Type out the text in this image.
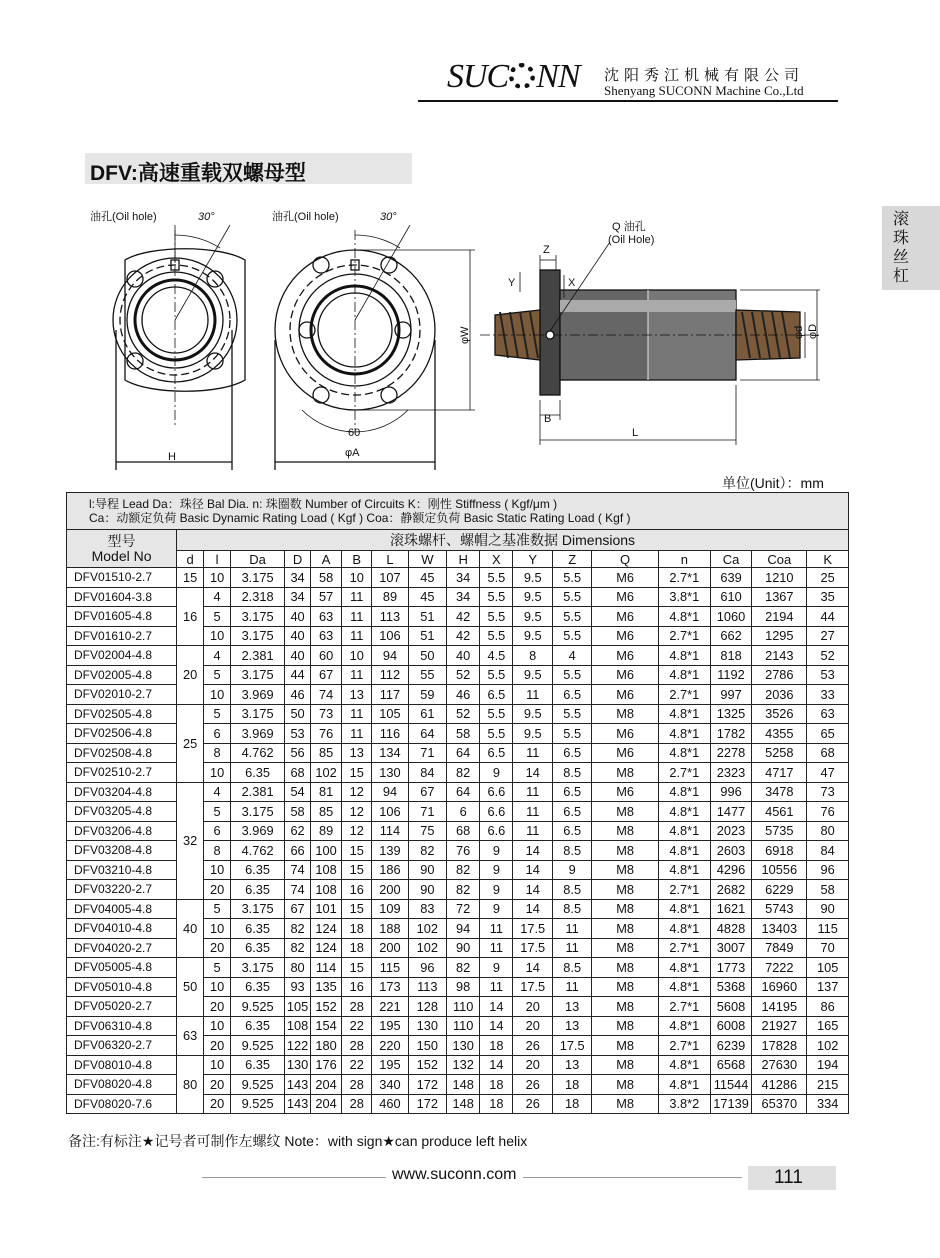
SUC NN 沈阳秀江机械有限公司
Shenyang SUCONN Machine Co.,Ltd
DFV:高速重载双螺母型
滚珠丝杠
油孔(Oil hole)	30°
H
油孔(Oil hole)	30°
60
φW
φA
Q 油孔
(Oil Hole)
Z
Y	X
B
L
φd φD
单位(Unit）：mm
l:导程 Lead Da：珠径 Bal Dia. n: 珠圈数 Number of Circuits K：刚性 Stiffness ( Kgf/μm )
Ca：动额定负荷 Basic Dynamic Rating Load ( Kgf ) Coa：静额定负荷 Basic Static Rating Load ( Kgf )																	

型号
Model No	滚珠螺杆、螺帽之基准数据 Dimensions																
	d	l	Da	D	A	B	L	W	H	X	Y	Z	Q	n	Ca	Coa	K
DFV01510-2.7	15	10	3.175	34	58	10	107	45	34	5.5	9.5	5.5	M6	2.7*1	639	1210	25
DFV01604-3.8	16	4	2.318	34	57	11	89	45	34	5.5	9.5	5.5	M6	3.8*1	610	1367	35
DFV01605-4.8		5	3.175	40	63	11	113	51	42	5.5	9.5	5.5	M6	4.8*1	1060	2194	44
DFV01610-2.7		10	3.175	40	63	11	106	51	42	5.5	9.5	5.5	M6	2.7*1	662	1295	27
DFV02004-4.8	20	4	2.381	40	60	10	94	50	40	4.5	8	4	M6	4.8*1	818	2143	52
DFV02005-4.8		5	3.175	44	67	11	112	55	52	5.5	9.5	5.5	M6	4.8*1	1192	2786	53
DFV02010-2.7		10	3.969	46	74	13	117	59	46	6.5	11	6.5	M6	2.7*1	997	2036	33
DFV02505-4.8	25	5	3.175	50	73	11	105	61	52	5.5	9.5	5.5	M8	4.8*1	1325	3526	63
DFV02506-4.8		6	3.969	53	76	11	116	64	58	5.5	9.5	5.5	M6	4.8*1	1782	4355	65
DFV02508-4.8		8	4.762	56	85	13	134	71	64	6.5	11	6.5	M6	4.8*1	2278	5258	68
DFV02510-2.7		10	6.35	68	102	15	130	84	82	9	14	8.5	M8	2.7*1	2323	4717	47
DFV03204-4.8	32	4	2.381	54	81	12	94	67	64	6.6	11	6.5	M6	4.8*1	996	3478	73
DFV03205-4.8		5	3.175	58	85	12	106	71	6	6.6	11	6.5	M8	4.8*1	1477	4561	76
DFV03206-4.8		6	3.969	62	89	12	114	75	68	6.6	11	6.5	M8	4.8*1	2023	5735	80
DFV03208-4.8		8	4.762	66	100	15	139	82	76	9	14	8.5	M8	4.8*1	2603	6918	84
DFV03210-4.8		10	6.35	74	108	15	186	90	82	9	14	9	M8	4.8*1	4296	10556	96
DFV03220-2.7		20	6.35	74	108	16	200	90	82	9	14	8.5	M8	2.7*1	2682	6229	58
DFV04005-4.8	40	5	3.175	67	101	15	109	83	72	9	14	8.5	M8	4.8*1	1621	5743	90
DFV04010-4.8		10	6.35	82	124	18	188	102	94	11	17.5	11	M8	4.8*1	4828	13403	115
DFV04020-2.7		20	6.35	82	124	18	200	102	90	11	17.5	11	M8	2.7*1	3007	7849	70
DFV05005-4.8	50	5	3.175	80	114	15	115	96	82	9	14	8.5	M8	4.8*1	1773	7222	105
DFV05010-4.8		10	6.35	93	135	16	173	113	98	11	17.5	11	M8	4.8*1	5368	16960	137
DFV05020-2.7		20	9.525	105	152	28	221	128	110	14	20	13	M8	2.7*1	5608	14195	86
DFV06310-4.8	63	10	6.35	108	154	22	195	130	110	14	20	13	M8	4.8*1	6008	21927	165
DFV06320-2.7		20	9.525	122	180	28	220	150	130	18	26	17.5	M8	2.7*1	6239	17828	102
DFV08010-4.8	80	10	6.35	130	176	22	195	152	132	14	20	13	M8	4.8*1	6568	27630	194
DFV08020-4.8		20	9.525	143	204	28	340	172	148	18	26	18	M8	4.8*1	11544	41286	215
DFV08020-7.6		20	9.525	143	204	28	460	172	148	18	26	18	M8	3.8*2	17139	65370	334
备注:有标注★记号者可制作左螺纹 Note：with sign★can produce left helix
www.suconn.com	111
